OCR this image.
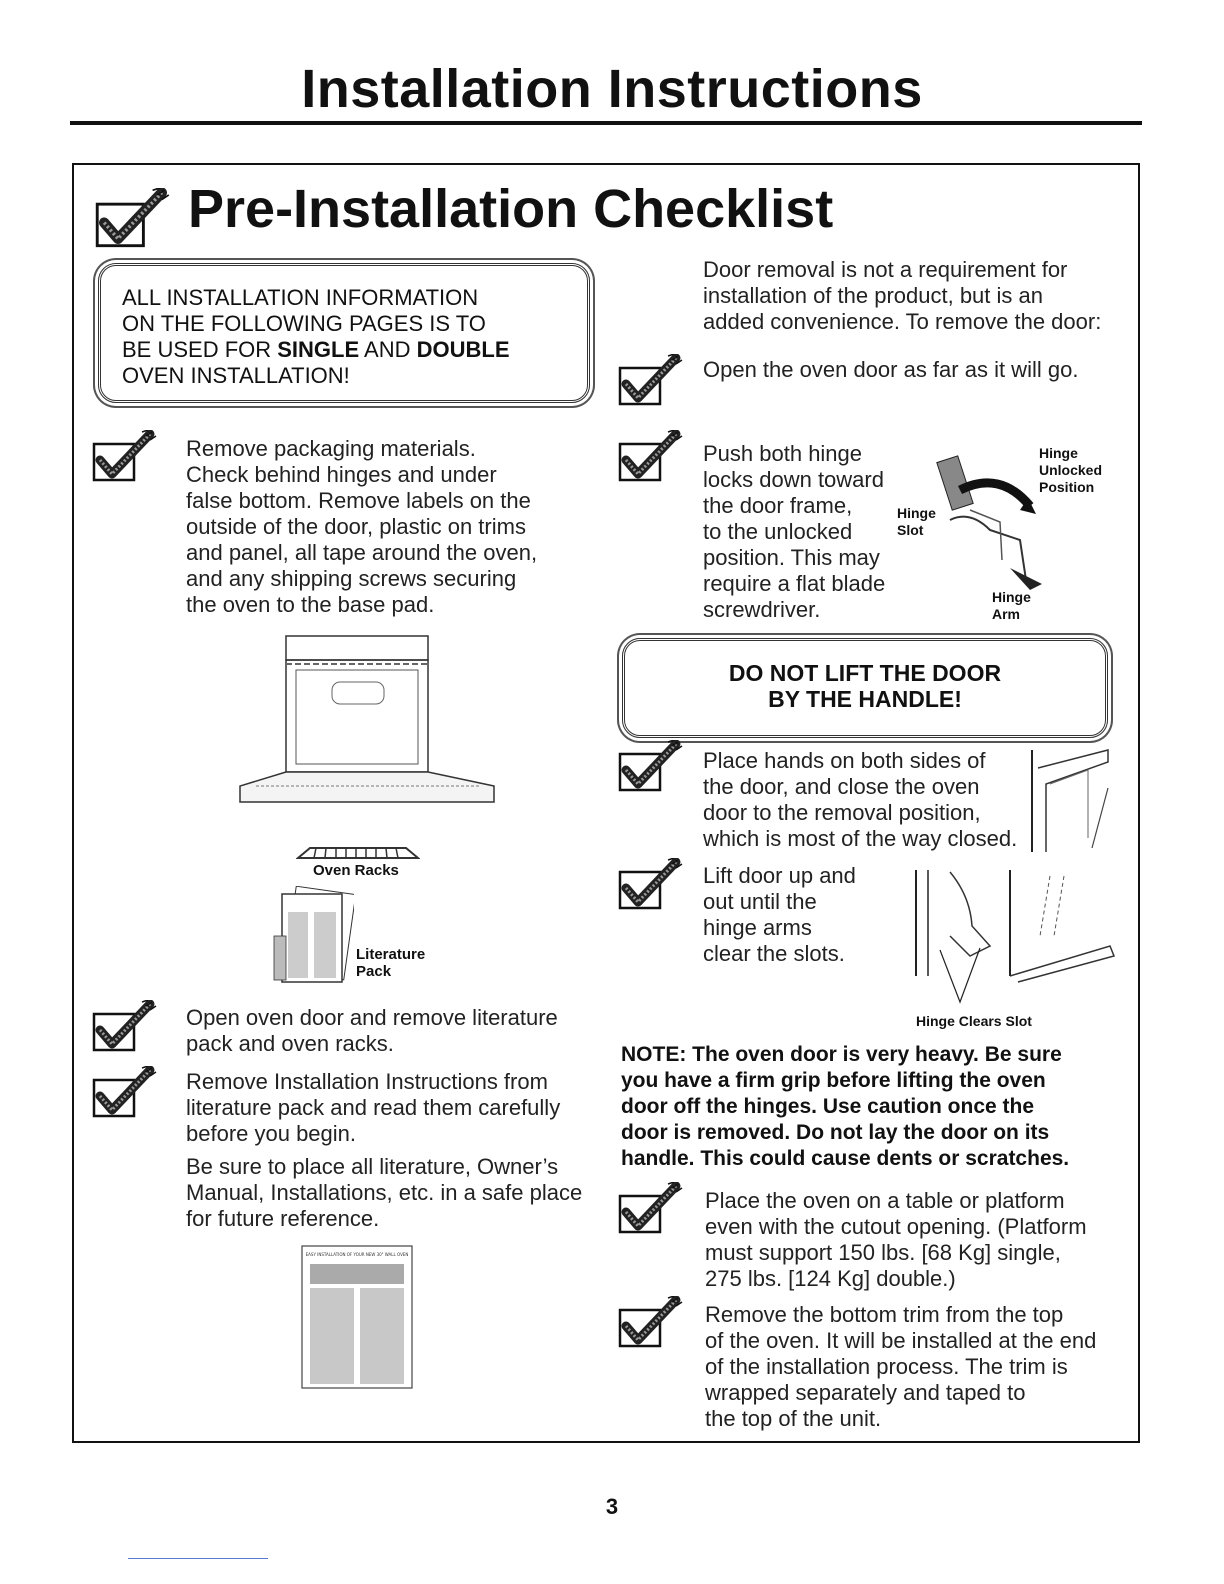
Installation Instructions
Pre-Installation Checklist
ALL INSTALLATION INFORMATION
ON THE FOLLOWING PAGES IS TO
BE USED FOR SINGLE AND DOUBLE
OVEN INSTALLATION!
Remove packaging materials.
Check behind hinges and under
false bottom. Remove labels on the
outside of the door, plastic on trims
and panel, all tape around the oven,
and any shipping screws securing
the oven to the base pad.
Oven Racks
Literature
Pack
Open oven door and remove literature
pack and oven racks.
Remove Installation Instructions from
literature pack and read them carefully
before you begin.
Be sure to place all literature, Owner’s
Manual, Installations, etc. in a safe place
for future reference.
EASY INSTALLATION OF YOUR NEW 30" WALL OVEN
Door removal is not a requirement for
installation of the product, but is an
added convenience. To remove the door:
Open the oven door as far as it will go.
Push both hinge
locks down toward
the door frame,
to the unlocked
position. This may
require a flat blade
screwdriver.
Hinge
Unlocked
Position
Hinge
Slot
Hinge
Arm
DO NOT LIFT THE DOOR
BY THE HANDLE!
Place hands on both sides of
the door, and close the oven
door to the removal position,
which is most of the way closed.
Lift door up and
out until the
hinge arms
clear the slots.
Hinge Clears Slot
NOTE: The oven door is very heavy. Be sure
you have a firm grip before lifting the oven
door off the hinges. Use caution once the
door is removed. Do not lay the door on its
handle. This could cause dents or scratches.
Place the oven on a table or platform
even with the cutout opening. (Platform
must support 150 lbs. [68 Kg] single,
275 lbs. [124 Kg] double.)
Remove the bottom trim from the top
of the oven. It will be installed at the end
of the installation process. The trim is
wrapped separately and taped to
the top of the unit.
3
